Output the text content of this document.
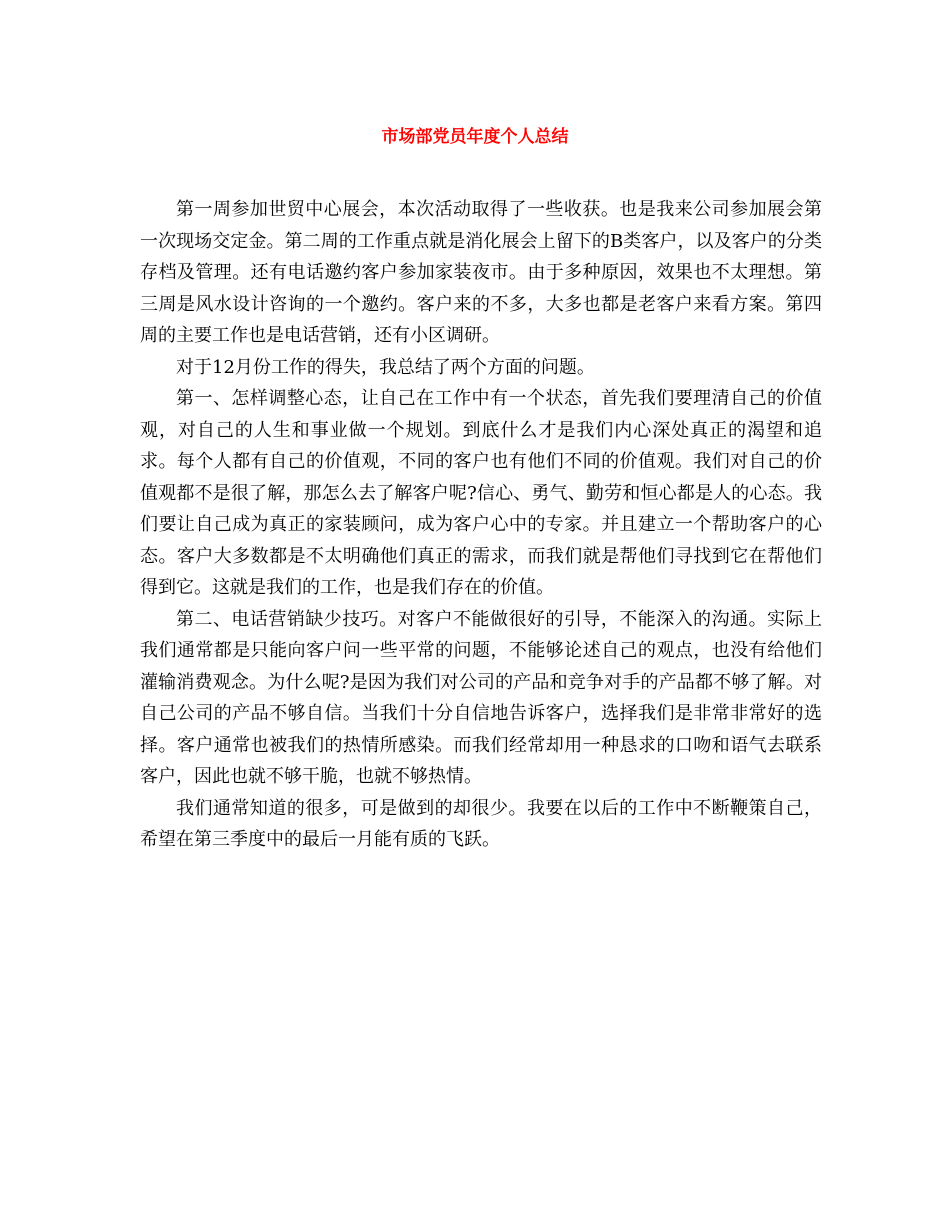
市场部党员年度个人总结

第一周参加世贸中心展会，本次活动取得了一些收获。也是我来公司参加展会第一次现场交定金。第二周的工作重点就是消化展会上留下的B类客户，以及客户的分类存档及管理。还有电话邀约客户参加家装夜市。由于多种原因，效果也不太理想。第三周是风水设计咨询的一个邀约。客户来的不多，大多也都是老客户来看方案。第四周的主要工作也是电话营销，还有小区调研。

对于12月份工作的得失，我总结了两个方面的问题。

第一、怎样调整心态，让自己在工作中有一个状态，首先我们要理清自己的价值观，对自己的人生和事业做一个规划。到底什么才是我们内心深处真正的渴望和追求。每个人都有自己的价值观，不同的客户也有他们不同的价值观。我们对自己的价值观都不是很了解，那怎么去了解客户呢?信心、勇气、勤劳和恒心都是人的心态。我们要让自己成为真正的家装顾问，成为客户心中的专家。并且建立一个帮助客户的心态。客户大多数都是不太明确他们真正的需求，而我们就是帮他们寻找到它在帮他们得到它。这就是我们的工作，也是我们存在的价值。

第二、电话营销缺少技巧。对客户不能做很好的引导，不能深入的沟通。实际上我们通常都是只能向客户问一些平常的问题，不能够论述自己的观点，也没有给他们灌输消费观念。为什么呢?是因为我们对公司的产品和竞争对手的产品都不够了解。对自己公司的产品不够自信。当我们十分自信地告诉客户，选择我们是非常非常好的选择。客户通常也被我们的热情所感染。而我们经常却用一种恳求的口吻和语气去联系客户，因此也就不够干脆，也就不够热情。

我们通常知道的很多，可是做到的却很少。我要在以后的工作中不断鞭策自己，希望在第三季度中的最后一月能有质的飞跃。
